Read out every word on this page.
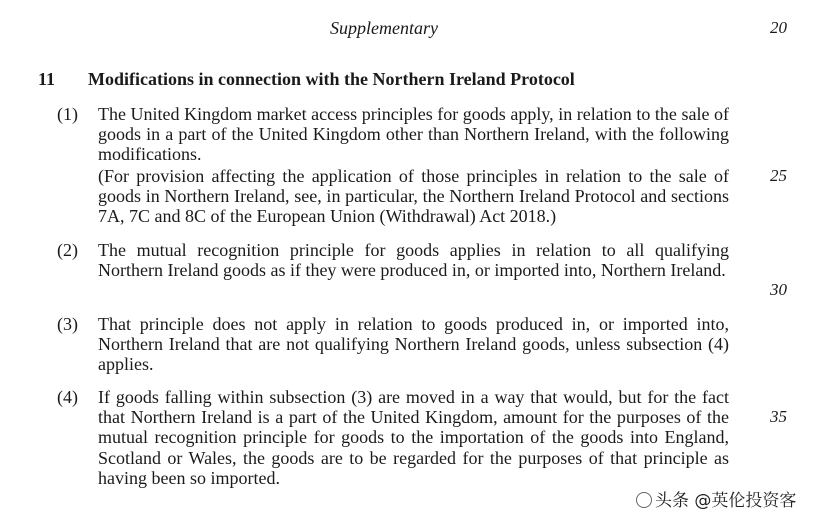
Supplementary	20
11 Modifications in connection with the Northern Ireland Protocol
(1) The United Kingdom market access principles for goods apply, in relation to the sale of goods in a part of the United Kingdom other than Northern Ireland, with the following modifications.
(For provision affecting the application of those principles in relation to the sale of goods in Northern Ireland, see, in particular, the Northern Ireland Protocol and sections 7A, 7C and 8C of the European Union (Withdrawal) Act 2018.)
25
(2) The mutual recognition principle for goods applies in relation to all qualifying Northern Ireland goods as if they were produced in, or imported into, Northern Ireland.
30
(3) That principle does not apply in relation to goods produced in, or imported into, Northern Ireland that are not qualifying Northern Ireland goods, unless subsection (4) applies.
(4) If goods falling within subsection (3) are moved in a way that would, but for the fact that Northern Ireland is a part of the United Kingdom, amount for the purposes of the mutual recognition principle for goods to the importation of the goods into England, Scotland or Wales, the goods are to be regarded for the purposes of that principle as having been so imported.
35
头条 @英伦投资客
